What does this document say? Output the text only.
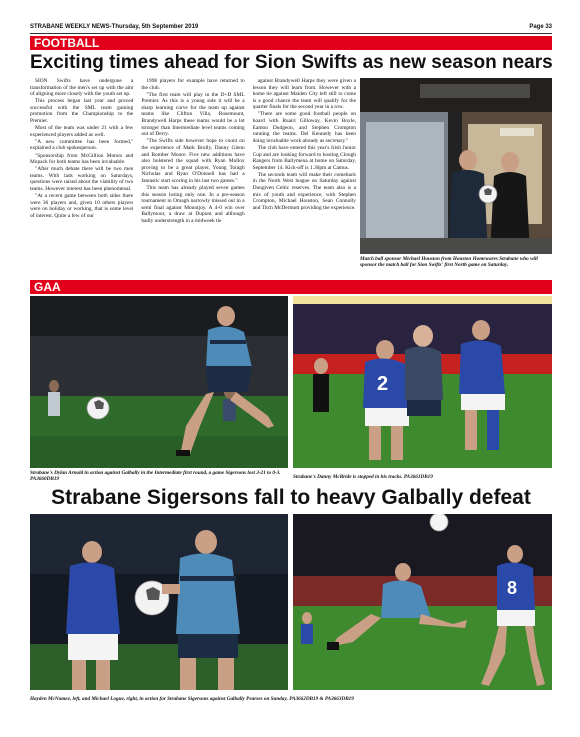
STRABANE WEEKLY NEWS-Thursday, 5th September 2019	Page 33
FOOTBALL
Exciting times ahead for Sion Swifts as new season nears

SION Swifts have undergone a transformation of the men's set up with the aim of aligning more closely with the youth set up.

This process began last year and proved successful with the SML team gaining promotion from the Championship to the Premier.

Most of the team was under 21 with a few experienced players added as well.

"A new committee has been formed," explained a club spokesperson.

"Sponsorship from McGillion Motors and Mopack for both teams has been invaluable.

"After much debate there will be two men teams. With lads working on Saturdays, questions were raised about the viability of two teams. However interest has been phenomenal.

"At a recent game between both sides there were 36 players and, given 10 others players were on holiday or working, that is some level of interest. Quite a few of our

1998 players for example have returned to the club.

"The first team will play in the D+D SML Premier. As this is a young side it will be a sharp learning curve for the team up against teams like Clifton Villa, Rosemount, Brandywell Harps these teams would be a lot stronger than Intermediate level teams coming out of Derry.

"The Swifts side however hope to count on the experience of Mark Brolly, Danny Glenn and Bomber Moore. Five new additions have also bolstered the squad with Ryan Molloy proving to be a great player, Young Tonigh Nicholas and Ryan O'Donnell has had a fantastic start scoring in his last two games."

This team has already played seven games this season losing only one. In a pre-season tournament in Omagh narrowly missed out in a semi final against Mountjoy. A 4-0 win over Ballymoor, a draw at Dupont and although badly understrength in a midweek tie

against Brandywell Harps they were given a lesson they will learn from. However with a home tie against Maiden City left still to come is a good chance the team will qualify for the quarter finals for the second year in a row.

"There are some good football people on board with Ruairi Gilloway, Kevin Boyle, Eamon Dudgeon, and Stephen Crompton running the teams. Del Kennedy has been doing invaluable work already as secretary."

The club have entered this year's Irish Junior Cup and are looking forward to hosting Clough Rangers from Ballymena at home on Saturday, September 14. Kick-off is 1.30pm at Camus.

The seconds team will make their comeback in the North West league on Saturday against Dungiven Celtic reserves. The team also is a mix of youth and experience, with Stephen Crompton, Michael Houston, Sean Connolly and Titch McDermott providing the experience.

Match ball sponsor Michael Houston from Houston Homewares Strabane who will sponsor the match ball for Sion Swifts' first North game on Saturday.
GAA
Strabane's Dylan Arnold in action against Galbally in the Intermediate first round, a game Sigersons lost 3-21 to 0-3. PA3660DB19
2
Strabane's Danny McBride is stopped in his tracks. PA3661DB19
Strabane Sigersons fall to heavy Galbally defeat
8
Hayden McNamee, left, and Michael Logue, right, in action for Strabane Sigersons against Galbally Pearses on Sunday. PA3662DB19 & PA3663DB19
